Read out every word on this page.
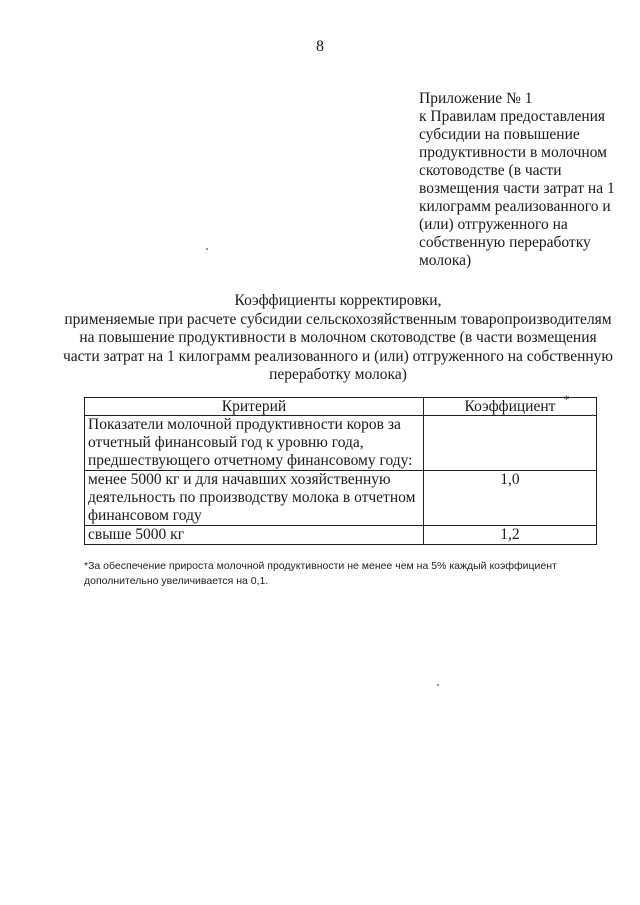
8
Приложение № 1
к Правилам предоставления субсидии на повышение продуктивности в молочном скотоводстве (в части возмещения части затрат на 1 килограмм реализованного и (или) отгруженного на собственную переработку молока)
Коэффициенты корректировки,
применяемые при расчете субсидии сельскохозяйственным товаропроизводителям на повышение продуктивности в молочном скотоводстве (в части возмещения части затрат на 1 килограмм реализованного и (или) отгруженного на собственную переработку молока)
Критерий	Коэффициент *

Показатели молочной продуктивности коров за отчетный финансовый год к уровню года, предшествующего отчетному финансовому году:	
менее 5000 кг и для начавших хозяйственную деятельность по производству молока в отчетном финансовом году	1,0
свыше 5000 кг	1,2
*За обеспечение прироста молочной продуктивности не менее чем на 5% каждый коэффициент дополнительно увеличивается на 0,1.
